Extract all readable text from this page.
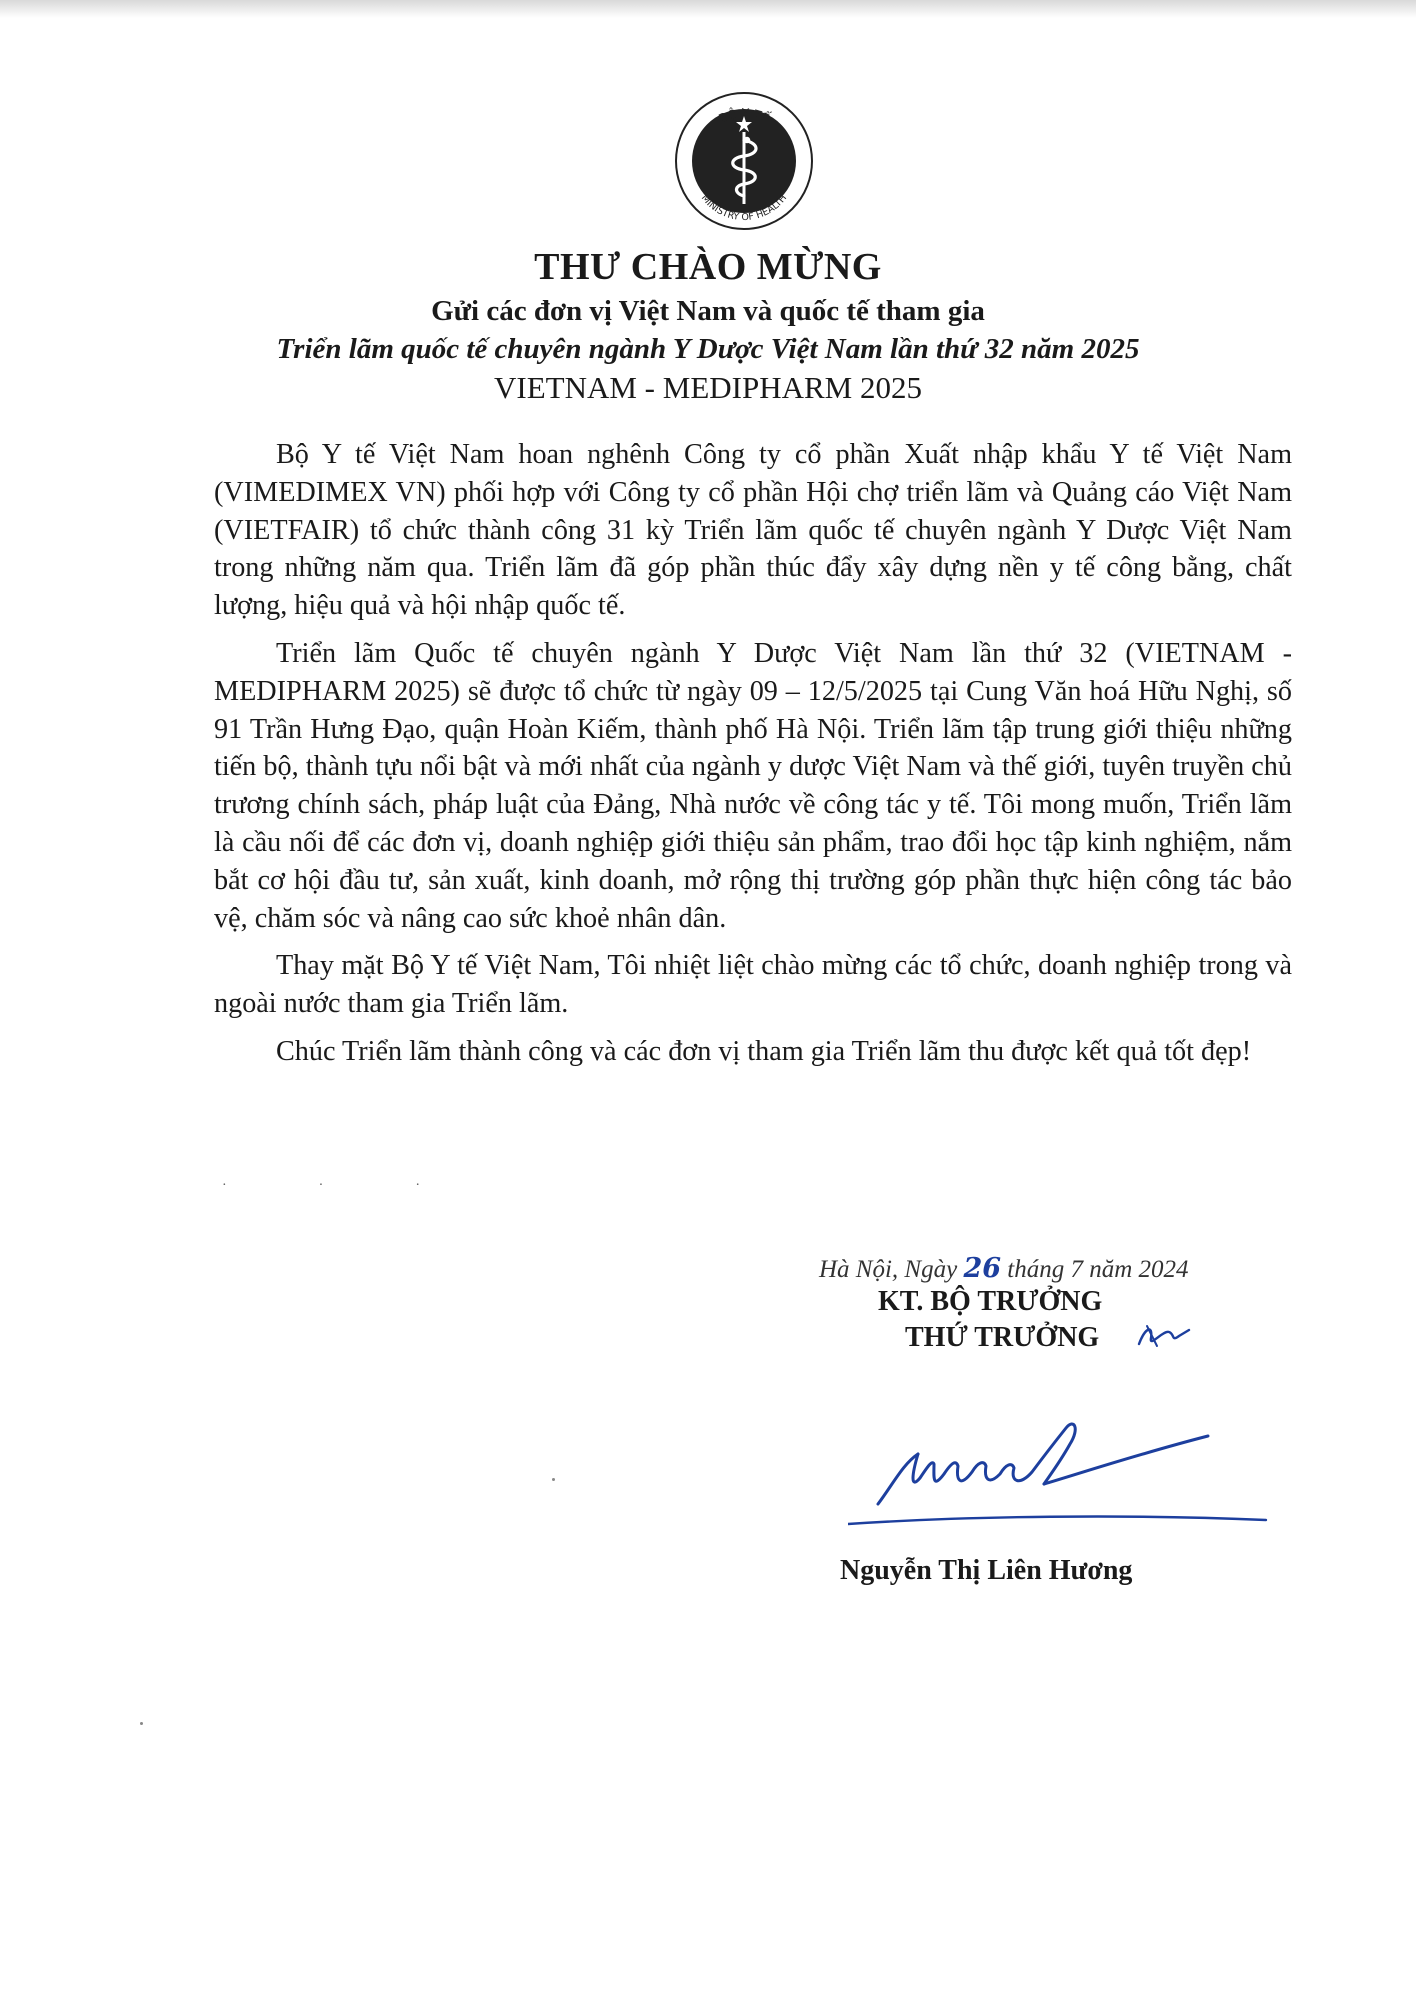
BỘ Y TẾ
MINISTRY OF HEALTH
THƯ CHÀO MỪNG
Gửi các đơn vị Việt Nam và quốc tế tham gia
Triển lãm quốc tế chuyên ngành Y Dược Việt Nam lần thứ 32 năm 2025
VIETNAM - MEDIPHARM 2025

Bộ Y tế Việt Nam hoan nghênh Công ty cổ phần Xuất nhập khẩu Y tế Việt Nam (VIMEDIMEX VN) phối hợp với Công ty cổ phần Hội chợ triển lãm và Quảng cáo Việt Nam (VIETFAIR) tổ chức thành công 31 kỳ Triển lãm quốc tế chuyên ngành Y Dược Việt Nam trong những năm qua. Triển lãm đã góp phần thúc đẩy xây dựng nền y tế công bằng, chất lượng, hiệu quả và hội nhập quốc tế.

Triển lãm Quốc tế chuyên ngành Y Dược Việt Nam lần thứ 32 (VIETNAM - MEDIPHARM 2025) sẽ được tổ chức từ ngày 09 – 12/5/2025 tại Cung Văn hoá Hữu Nghị, số 91 Trần Hưng Đạo, quận Hoàn Kiếm, thành phố Hà Nội. Triển lãm tập trung giới thiệu những tiến bộ, thành tựu nổi bật và mới nhất của ngành y dược Việt Nam và thế giới, tuyên truyền chủ trương chính sách, pháp luật của Đảng, Nhà nước về công tác y tế. Tôi mong muốn, Triển lãm là cầu nối để các đơn vị, doanh nghiệp giới thiệu sản phẩm, trao đổi học tập kinh nghiệm, nắm bắt cơ hội đầu tư, sản xuất, kinh doanh, mở rộng thị trường góp phần thực hiện công tác bảo vệ, chăm sóc và nâng cao sức khoẻ nhân dân.

Thay mặt Bộ Y tế Việt Nam, Tôi nhiệt liệt chào mừng các tổ chức, doanh nghiệp trong và ngoài nước tham gia Triển lãm.

Chúc Triển lãm thành công và các đơn vị tham gia Triển lãm thu được kết quả tốt đẹp!

···
Hà Nội, Ngày 26 tháng 7 năm 2024
KT. BỘ TRƯỞNG
THỨ TRƯỞNG
Nguyễn Thị Liên Hương
